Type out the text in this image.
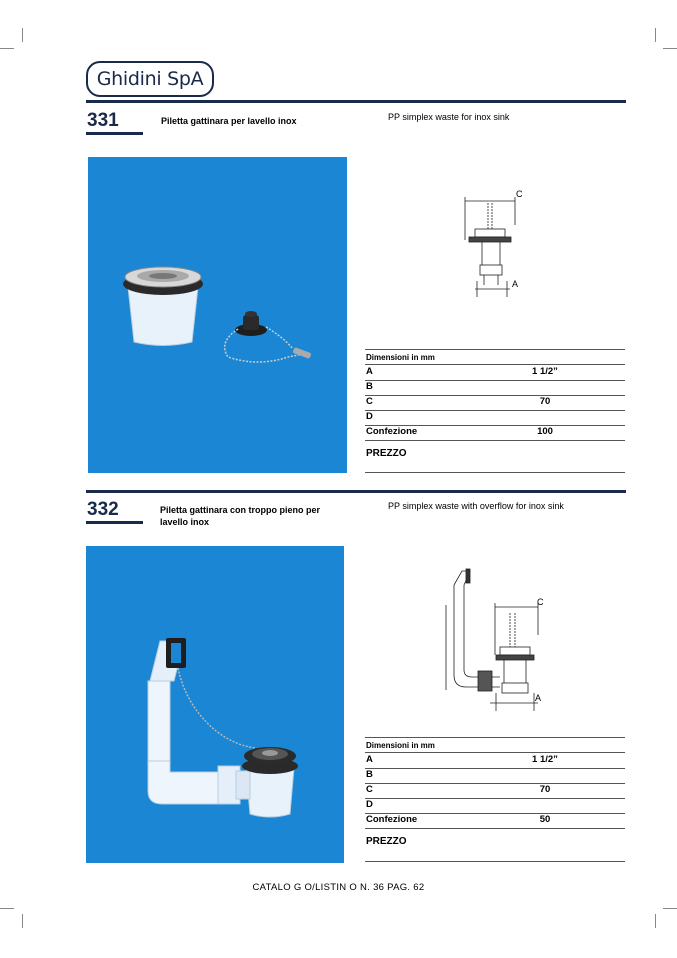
Ghidini SpA
331	Piletta gattinara per lavello inox	PP simplex waste for inox sink
C
A
Dimensioni in mm
A	1 1/2”
B
C	70
D
Confezione	100
PREZZO
332	Piletta gattinara con troppo pieno per lavello inox
PP simplex waste with overflow for inox sink
C
A
Dimensioni in mm
A	1 1/2”
B
C	70
D
Confezione	50
PREZZO
CATALO G O/LISTIN O N. 36 PAG. 62
